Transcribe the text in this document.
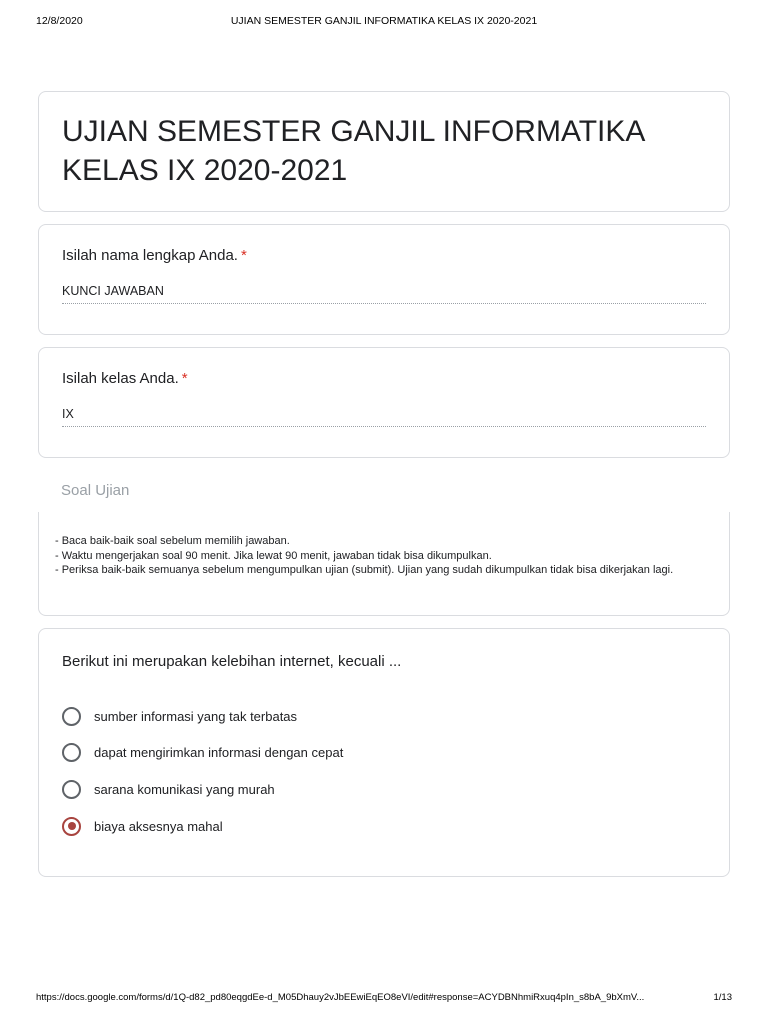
12/8/2020	UJIAN SEMESTER GANJIL INFORMATIKA KELAS IX 2020-2021
UJIAN SEMESTER GANJIL INFORMATIKA KELAS IX 2020-2021
Isilah nama lengkap Anda. *
KUNCI JAWABAN
Isilah kelas Anda. *
IX
Soal Ujian
- Baca baik-baik soal sebelum memilih jawaban.
- Waktu mengerjakan soal 90 menit. Jika lewat 90 menit, jawaban tidak bisa dikumpulkan.
- Periksa baik-baik semuanya sebelum mengumpulkan ujian (submit). Ujian yang sudah dikumpulkan tidak bisa dikerjakan lagi.
Berikut ini merupakan kelebihan internet, kecuali ...
sumber informasi yang tak terbatas
dapat mengirimkan informasi dengan cepat
sarana komunikasi yang murah
biaya aksesnya mahal
https://docs.google.com/forms/d/1Q-d82_pd80eqgdEe-d_M05Dhauy2vJbEEwiEqEO8eVI/edit#response=ACYDBNhmiRxuq4pIn_s8bA_9bXmV...	1/13
